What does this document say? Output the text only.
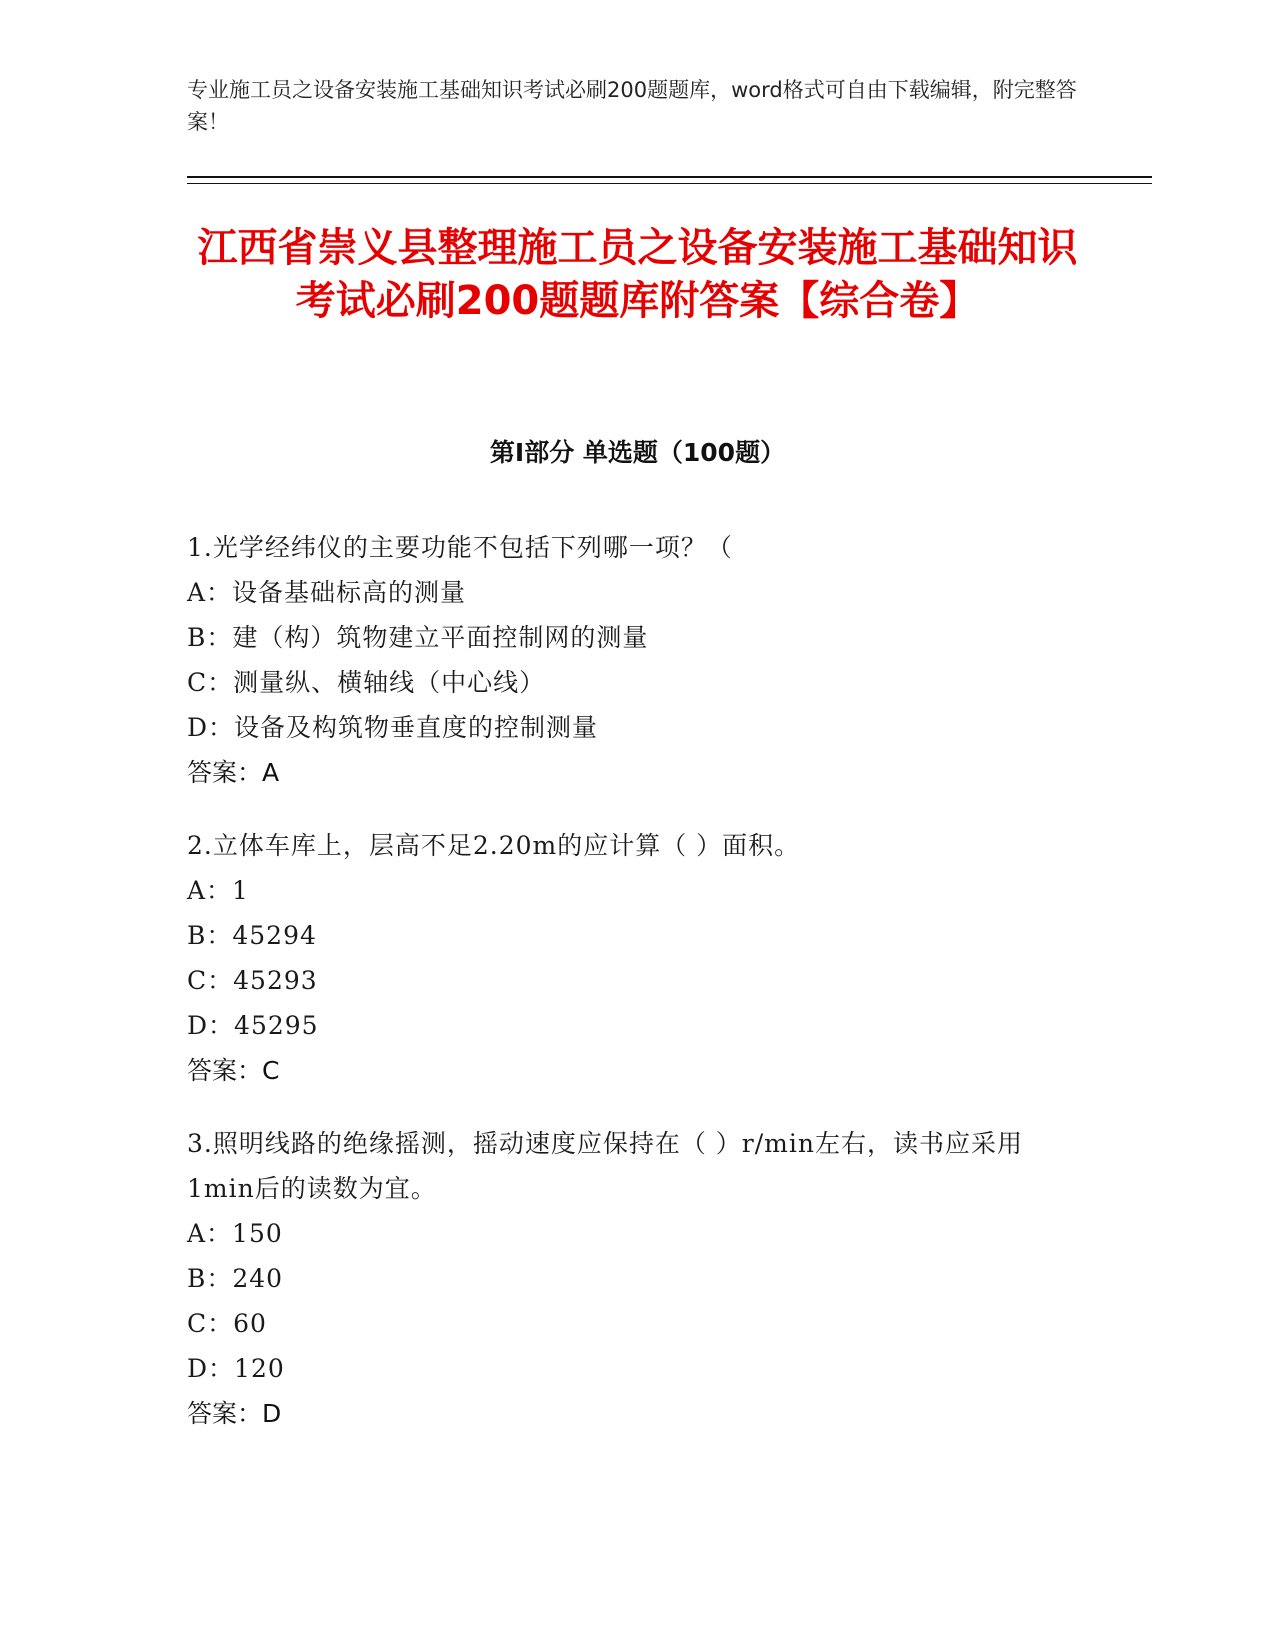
专业施工员之设备安装施工基础知识考试必刷200题题库，word格式可自由下载编辑，附完整答案！
江西省崇义县整理施工员之设备安装施工基础知识考试必刷200题题库附答案【综合卷】
第I部分 单选题（100题）

1.光学经纬仪的主要功能不包括下列哪一项？（

A：设备基础标高的测量

B：建（构）筑物建立平面控制网的测量

C：测量纵、横轴线（中心线）

D：设备及构筑物垂直度的控制测量

答案：A

2.立体车库上，层高不足2.20m的应计算（ ）面积。

A：1

B：45294

C：45293

D：45295

答案：C

3.照明线路的绝缘摇测，摇动速度应保持在（ ）r/min左右，读书应采用1min后的读数为宜。

A：150

B：240

C：60

D：120

答案：D
